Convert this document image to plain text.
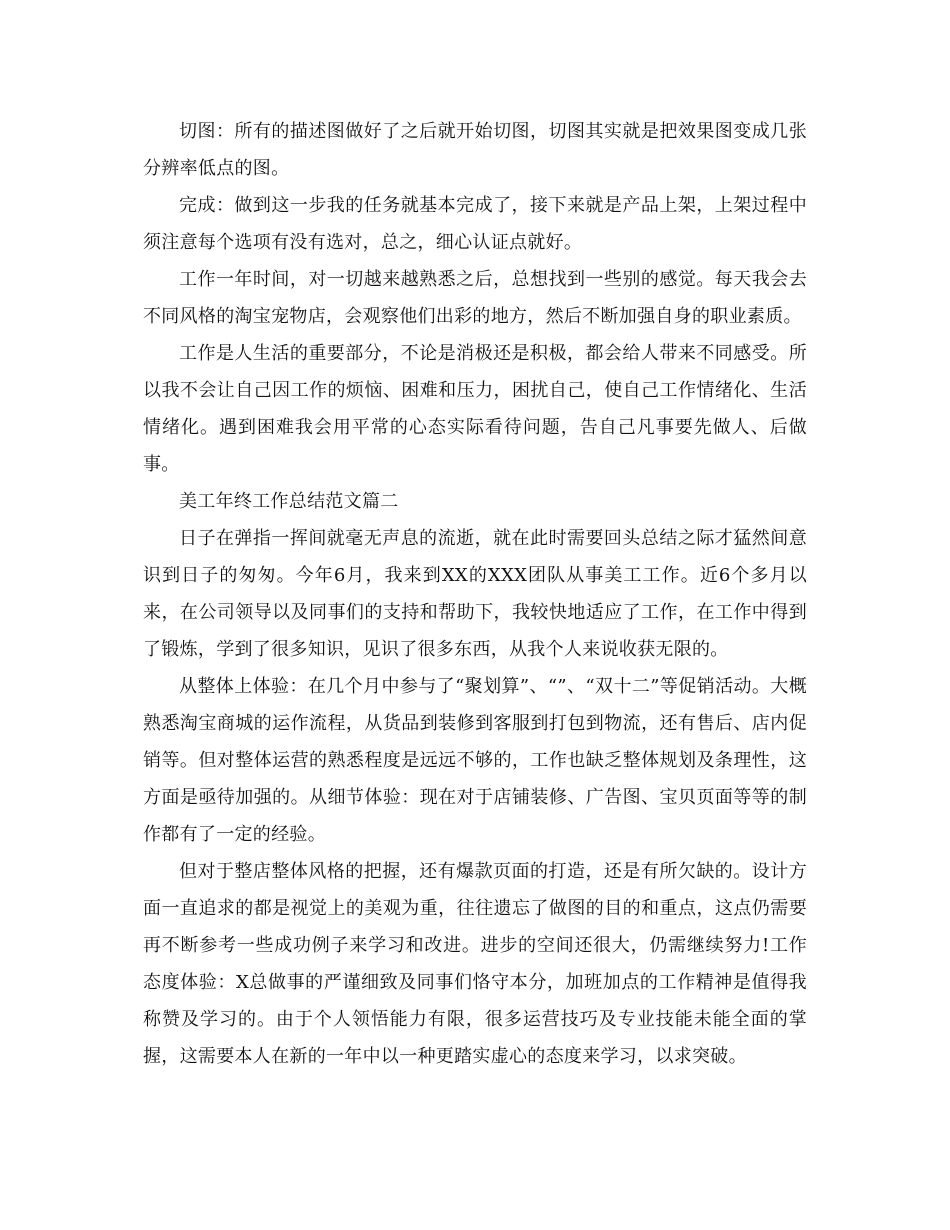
切图：所有的描述图做好了之后就开始切图，切图其实就是把效果图变成几张分辨率低点的图。

完成：做到这一步我的任务就基本完成了，接下来就是产品上架，上架过程中须注意每个选项有没有选对，总之，细心认证点就好。

工作一年时间，对一切越来越熟悉之后，总想找到一些别的感觉。每天我会去不同风格的淘宝宠物店，会观察他们出彩的地方，然后不断加强自身的职业素质。

工作是人生活的重要部分，不论是消极还是积极，都会给人带来不同感受。所以我不会让自己因工作的烦恼、困难和压力，困扰自己，使自己工作情绪化、生活情绪化。遇到困难我会用平常的心态实际看待问题，告自己凡事要先做人、后做事。

美工年终工作总结范文篇二

日子在弹指一挥间就毫无声息的流逝，就在此时需要回头总结之际才猛然间意识到日子的匆匆。今年6月，我来到XX的XXX团队从事美工工作。近6个多月以来，在公司领导以及同事们的支持和帮助下，我较快地适应了工作，在工作中得到了锻炼，学到了很多知识，见识了很多东西，从我个人来说收获无限的。

从整体上体验：在几个月中参与了“聚划算”、“”、“双十二”等促销活动。大概熟悉淘宝商城的运作流程，从货品到装修到客服到打包到物流，还有售后、店内促销等。但对整体运营的熟悉程度是远远不够的，工作也缺乏整体规划及条理性，这方面是亟待加强的。从细节体验：现在对于店铺装修、广告图、宝贝页面等等的制作都有了一定的经验。

但对于整店整体风格的把握，还有爆款页面的打造，还是有所欠缺的。设计方面一直追求的都是视觉上的美观为重，往往遗忘了做图的目的和重点，这点仍需要再不断参考一些成功例子来学习和改进。进步的空间还很大，仍需继续努力!工作态度体验：X总做事的严谨细致及同事们恪守本分，加班加点的工作精神是值得我称赞及学习的。由于个人领悟能力有限，很多运营技巧及专业技能未能全面的掌握，这需要本人在新的一年中以一种更踏实虚心的态度来学习，以求突破。
